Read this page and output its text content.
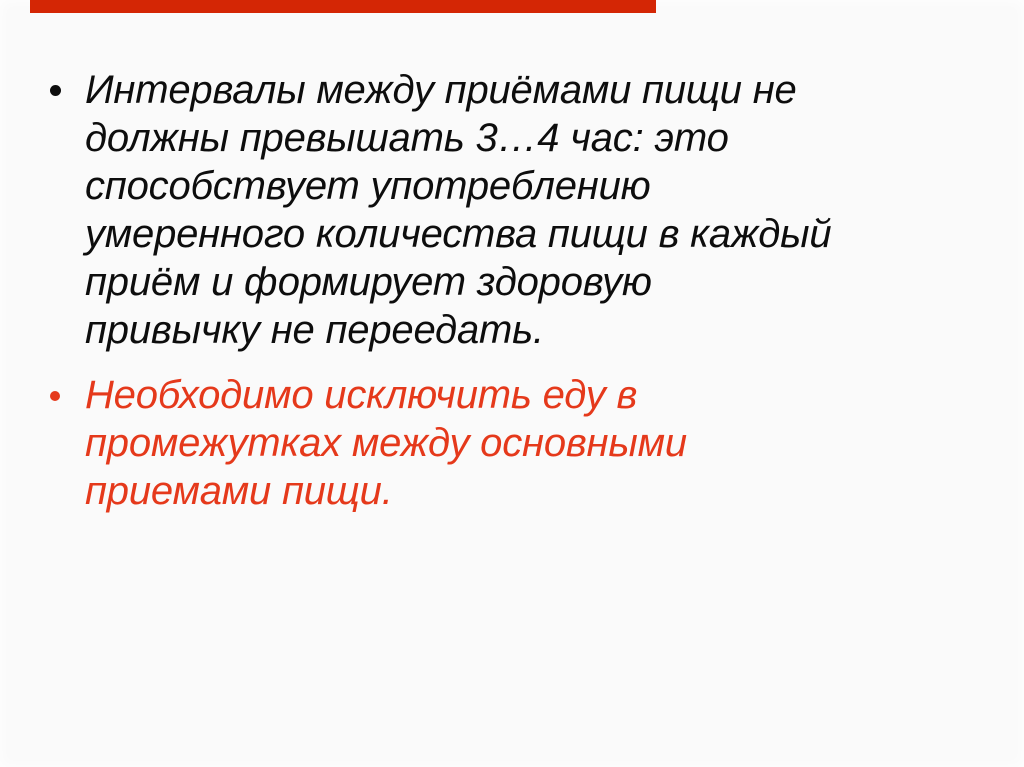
Интервалы между приёмами пищи не
должны превышать 3…4 час: это
способствует употреблению
умеренного количества пищи в каждый
приём и формирует здоровую
привычку не переедать.
Необходимо исключить еду в
промежутках между основными
приемами пищи.
